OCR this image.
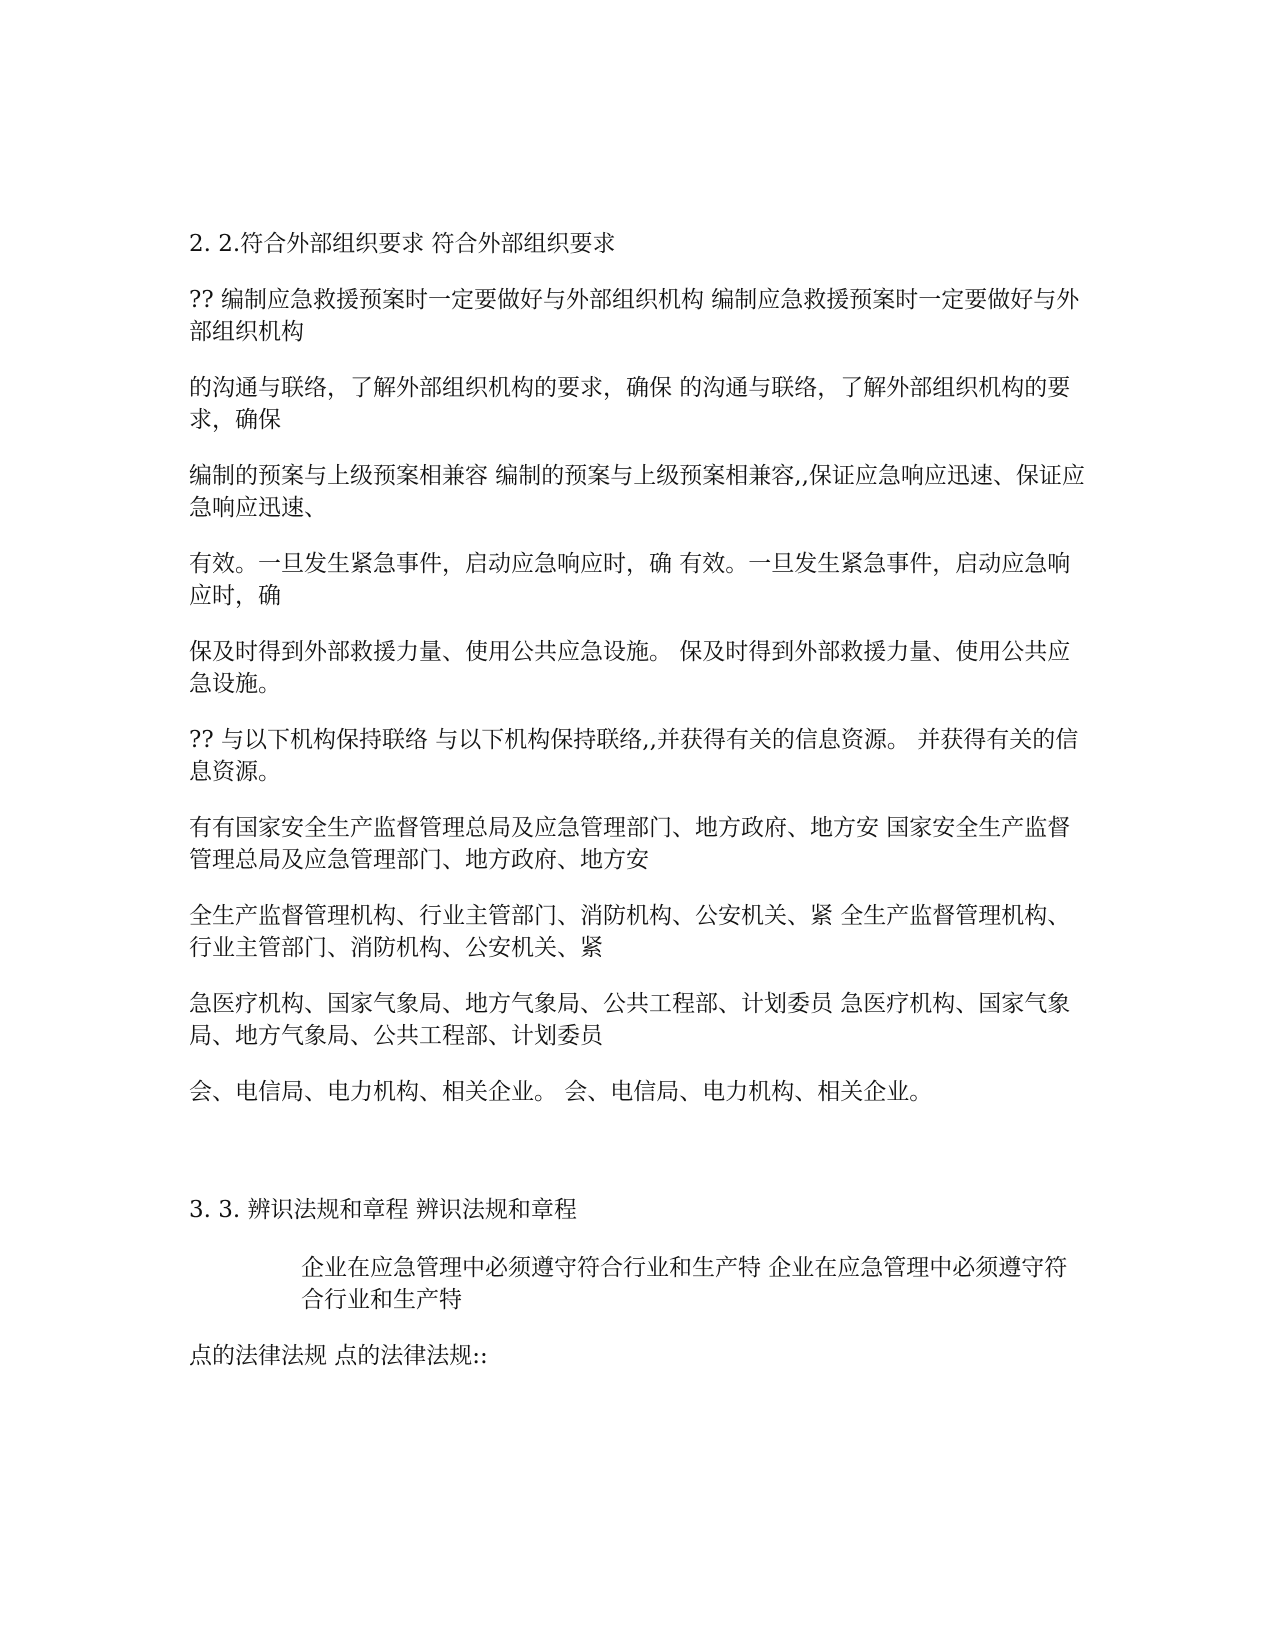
2. 2.符合外部组织要求 符合外部组织要求

?? 编制应急救援预案时一定要做好与外部组织机构 编制应急救援预案时一定要做好与外部组织机构

的沟通与联络，了解外部组织机构的要求，确保 的沟通与联络，了解外部组织机构的要求，确保

编制的预案与上级预案相兼容 编制的预案与上级预案相兼容,,保证应急响应迅速、保证应急响应迅速、

有效。一旦发生紧急事件，启动应急响应时，确 有效。一旦发生紧急事件，启动应急响应时，确

保及时得到外部救援力量、使用公共应急设施。 保及时得到外部救援力量、使用公共应急设施。

?? 与以下机构保持联络 与以下机构保持联络,,并获得有关的信息资源。 并获得有关的信息资源。

有有国家安全生产监督管理总局及应急管理部门、地方政府、地方安 国家安全生产监督管理总局及应急管理部门、地方政府、地方安

全生产监督管理机构、行业主管部门、消防机构、公安机关、紧 全生产监督管理机构、行业主管部门、消防机构、公安机关、紧

急医疗机构、国家气象局、地方气象局、公共工程部、计划委员 急医疗机构、国家气象局、地方气象局、公共工程部、计划委员

会、电信局、电力机构、相关企业。 会、电信局、电力机构、相关企业。

3. 3. 辨识法规和章程 辨识法规和章程

企业在应急管理中必须遵守符合行业和生产特 企业在应急管理中必须遵守符合行业和生产特

点的法律法规 点的法律法规::
